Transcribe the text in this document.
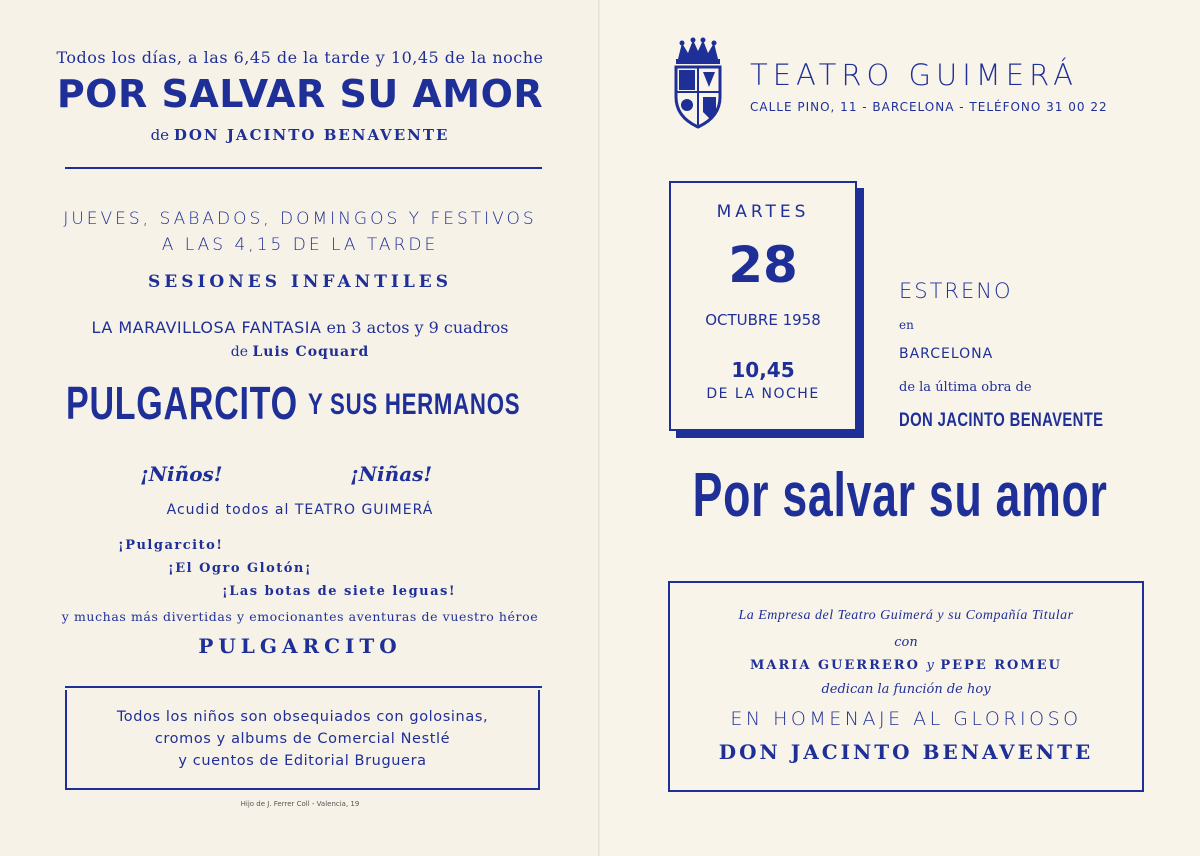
Todos los días, a las 6,45 de la tarde y 10,45 de la noche
POR SALVAR SU AMOR
de DON JACINTO BENAVENTE
JUEVES, SABADOS, DOMINGOS Y FESTIVOS
A LAS 4,15 DE LA TARDE
SESIONES INFANTILES
LA MARAVILLOSA FANTASIA en 3 actos y 9 cuadros
de Luis Coquard
PULGARCITO Y SUS HERMANOS
¡Niños!	¡Niñas!
Acudid todos al TEATRO GUIMERÁ
¡Pulgarcito!
¡El Ogro Glotón¡
¡Las botas de siete leguas!
y muchas más divertidas y emocionantes aventuras de vuestro héroe
PULGARCITO
Todos los niños son obsequiados con golosinas,
cromos y albums de Comercial Nestlé
y cuentos de Editorial Bruguera
Hijo de J. Ferrer Coll - Valencia, 19
TEATRO GUIMERÁ
CALLE PINO, 11 - BARCELONA - TELÉFONO 31 00 22
MARTES
28
OCTUBRE 1958
10,45
DE LA NOCHE
ESTRENO
en
BARCELONA
de la última obra de
DON JACINTO BENAVENTE
Por salvar su amor
La Empresa del Teatro Guimerá y su Compañía Titular
con
MARIA GUERRERO y PEPE ROMEU
dedican la función de hoy
EN HOMENAJE AL GLORIOSO
DON JACINTO BENAVENTE
